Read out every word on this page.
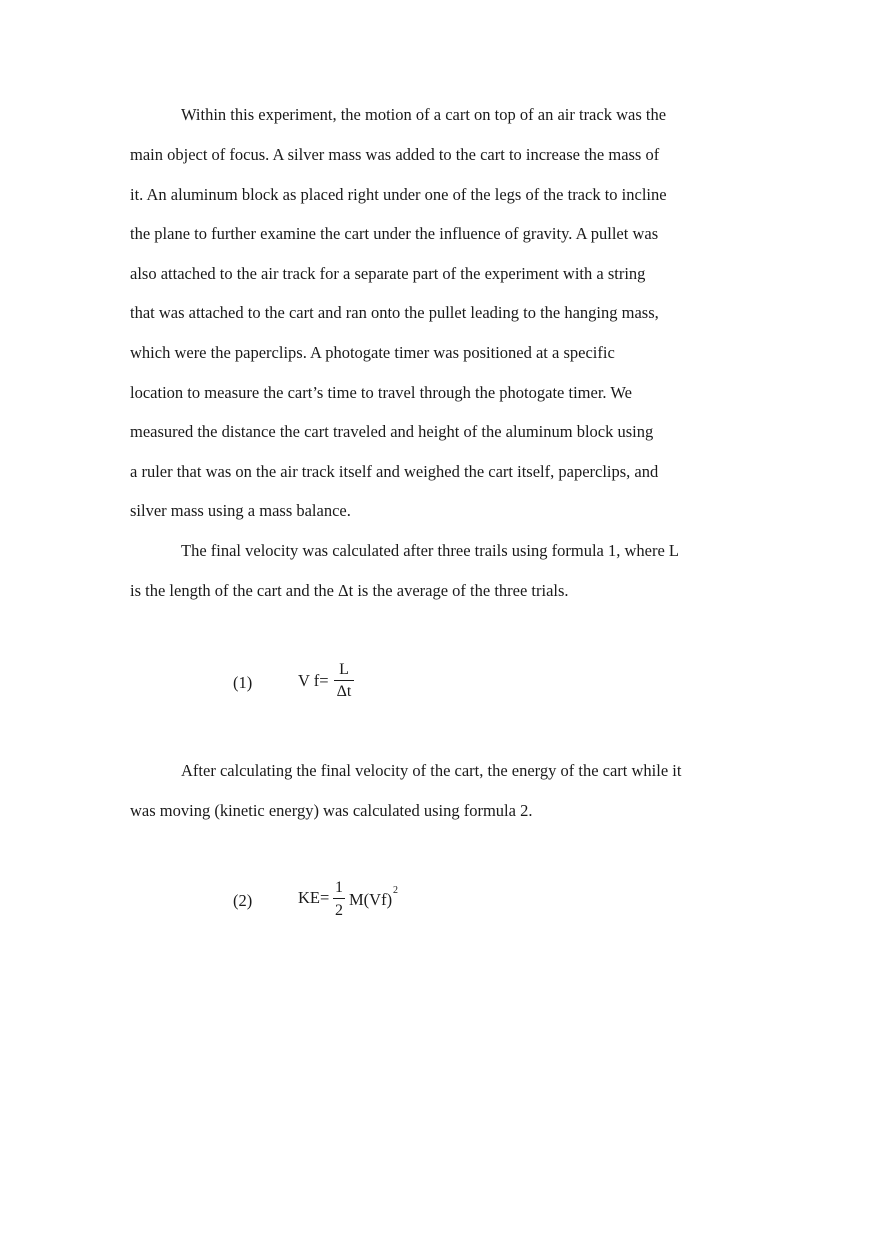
Within this experiment, the motion of a cart on top of an air track was the
main object of focus. A silver mass was added to the cart to increase the mass of
it. An aluminum block as placed right under one of the legs of the track to incline
the plane to further examine the cart under the influence of gravity. A pullet was
also attached to the air track for a separate part of the experiment with a string
that was attached to the cart and ran onto the pullet leading to the hanging mass,
which were the paperclips. A photogate timer was positioned at a specific
location to measure the cart’s time to travel through the photogate timer. We
measured the distance the cart traveled and height of the aluminum block using
a ruler that was on the air track itself and weighed the cart itself, paperclips, and
silver mass using a mass balance.
The final velocity was calculated after three trails using formula 1, where L
is the length of the cart and the Δt is the average of the three trials.
(1)	V f=
L
Δt
After calculating the final velocity of the cart, the energy of the cart while it
was moving (kinetic energy) was calculated using formula 2.
(2)	KE=
1
2
M(Vf) 2
